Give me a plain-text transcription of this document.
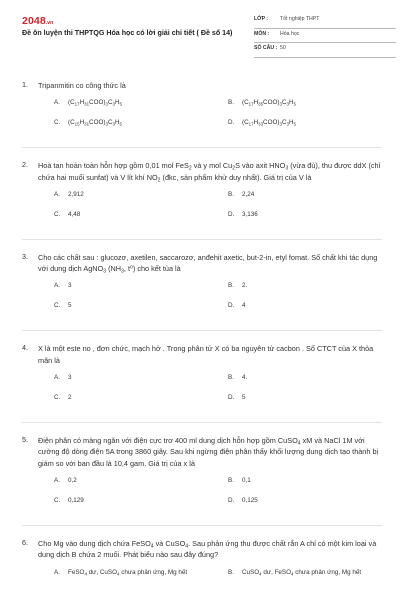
2048.vn
Đề ôn luyện thi THPTQG Hóa học có lời giải chi tiết ( Đề số 14)
LỚP : Tốt nghiệp THPT
MÔN : Hóa học
SỐ CÂU : 50
1. Tripanmitin co công thức là
A. $(C_{17}H_{31}COO)_3C_3H_5$	B. $(C_{17}H_{35}COO)_3C_3H_5$
C. $(C_{15}H_{31}COO)_3C_3H_5$	D. $(C_{17}H_{33}COO)_3C_3H_5$
2. Hoà tan hoàn toàn hỗn hợp gồm 0,01 mol FeS$_2$ và y mol $Cu_2S$ vào axit $HNO_3$ (vừa đủ), thu được ddX (chỉ chứa hai muối sunfat) và V lít khí $NO_2$ (đkc, sản phẩm khử duy nhất). Giá trị của V là
A. 2,912	B. 2,24
C. 4,48	D. 3,136
3. Cho các chất sau : glucozơ, axetilen, saccarozơ, anđehit axetic, but-2-in, etyl fomat. Số chất khi tác dụng với dung dịch AgNO$_3$ ($NH_3$, $t^o$) cho kết tủa là
A. 3	B. 2.
C. 5	D. 4
4. X là một este no , đơn chức, mạch hở . Trong phân tử X có ba nguyên tử cacbon . Số CTCT của X thỏa mãn là
A. 3	B. 4.
C. 2	D. 5
5. Điện phân có màng ngăn với điện cực trơ 400 ml dung dịch hỗn hợp gồm CuSO$_4$ xM và NaCl 1M với cường độ dòng điện 5A trong 3860 giây. Sau khi ngừng điện phân thấy khối lượng dung dịch tạo thành bị giảm so với ban đầu là 10,4 gam. Giá trị của x là
A. 0,2	B. 0,1
C. 0,129	D. 0,125
6. Cho Mg vào dung dịch chứa FeSO$_4$ và CuSO$_4$. Sau phản ứng thu được chất rắn A chỉ có một kim loại và dung dịch B chứa 2 muối. Phát biểu nào sau đây đúng?
A. FeSO$_4$ dư, CuSO$_4$ chưa phản ứng, Mg hết	B. CuSO$_4$ dư, FeSO$_4$ chưa phản ứng, Mg hết
